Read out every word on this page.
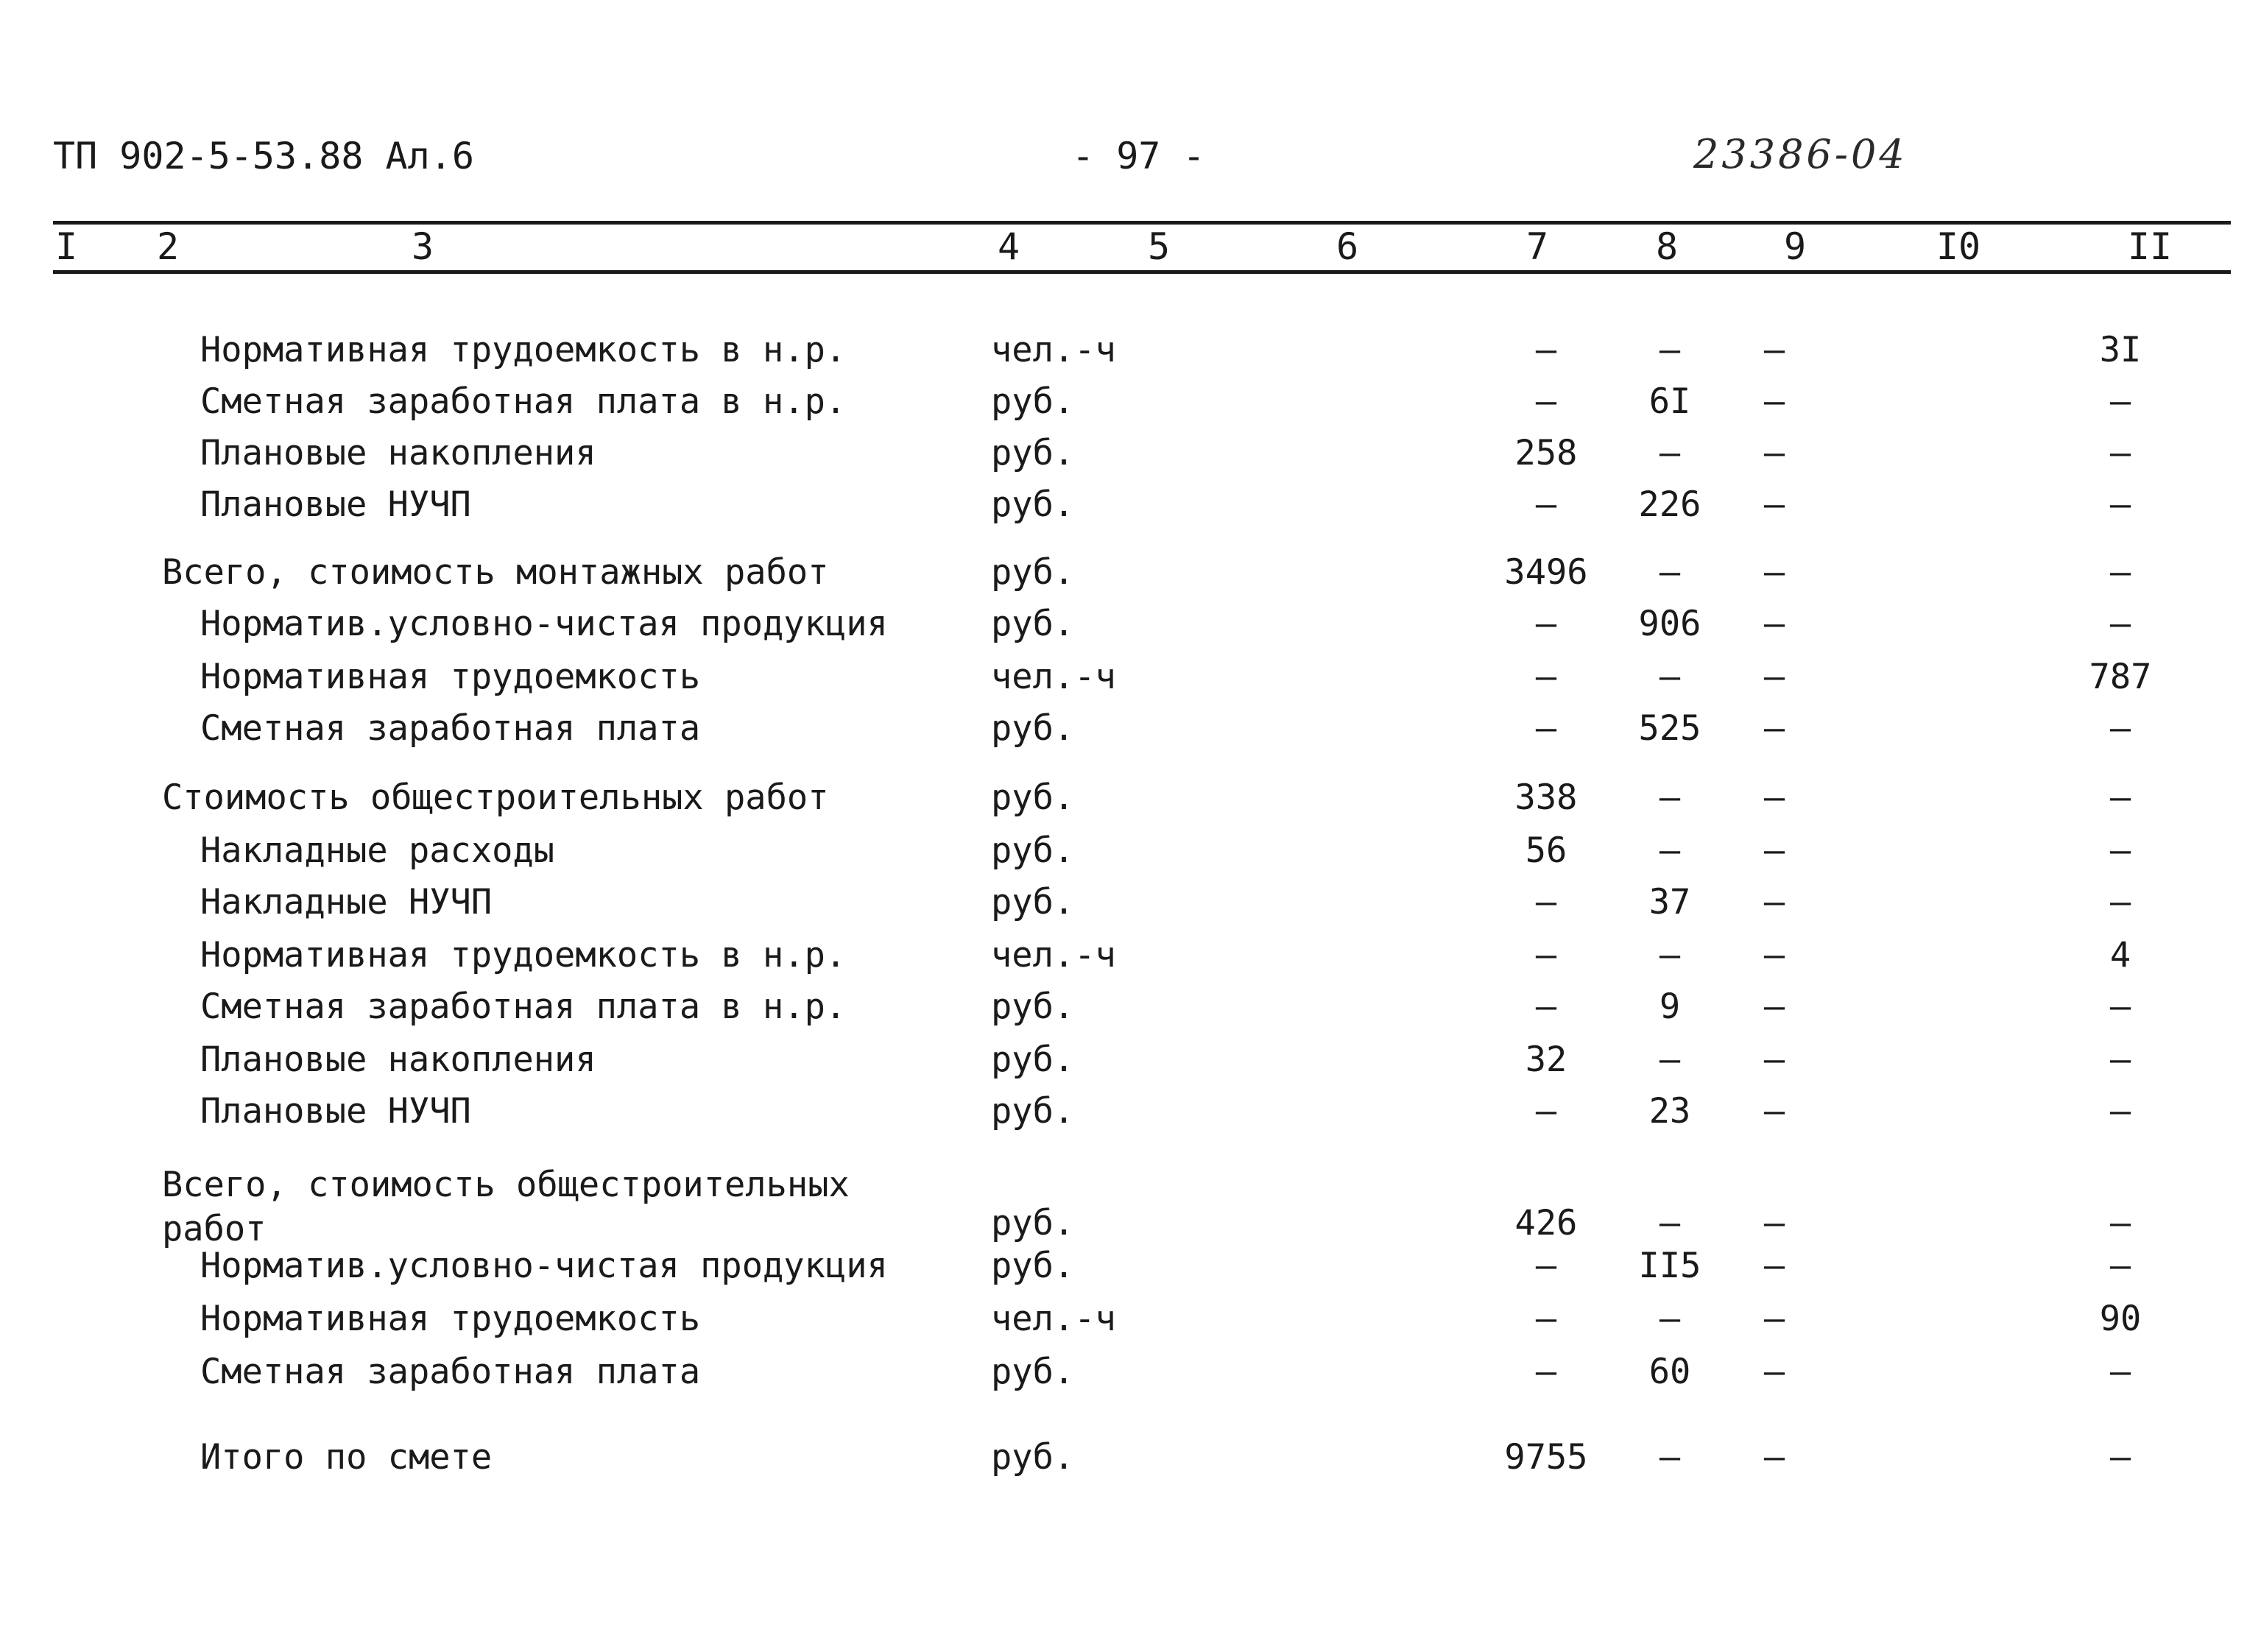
ТП 902-5-53.88 Ал.6	- 97 -	23386-04
I	2	3	4	5	6	7	8	9	I0	II
Нормативная трудоемкость в н.р.	чел.-ч	–	–	–	3I
Сметная заработная плата в н.р.	руб.	–	6I	–	–
Плановые накопления	руб.	258	–	–	–
Плановые НУЧП	руб.	–	226	–	–
Всего, стоимость монтажных работ	руб.	3496	–	–	–
Норматив.условно-чистая продукция	руб.	–	906	–	–
Нормативная трудоемкость	чел.-ч	–	–	–	787
Сметная заработная плата	руб.	–	525	–	–
Стоимость общестроительных работ	руб.	338	–	–	–
Накладные расходы	руб.	56	–	–	–
Накладные НУЧП	руб.	–	37	–	–
Нормативная трудоемкость в н.р.	чел.-ч	–	–	–	4
Сметная заработная плата в н.р.	руб.	–	9	–	–
Плановые накопления	руб.	32	–	–	–
Плановые НУЧП	руб.	–	23	–	–
Всего, стоимость общестроительных
работ	руб.	426	–	–	–
Норматив.условно-чистая продукция	руб.	–	II5	–	–
Нормативная трудоемкость	чел.-ч	–	–	–	90
Сметная заработная плата	руб.	–	60	–	–
Итого по смете	руб.	9755	–	–	–
